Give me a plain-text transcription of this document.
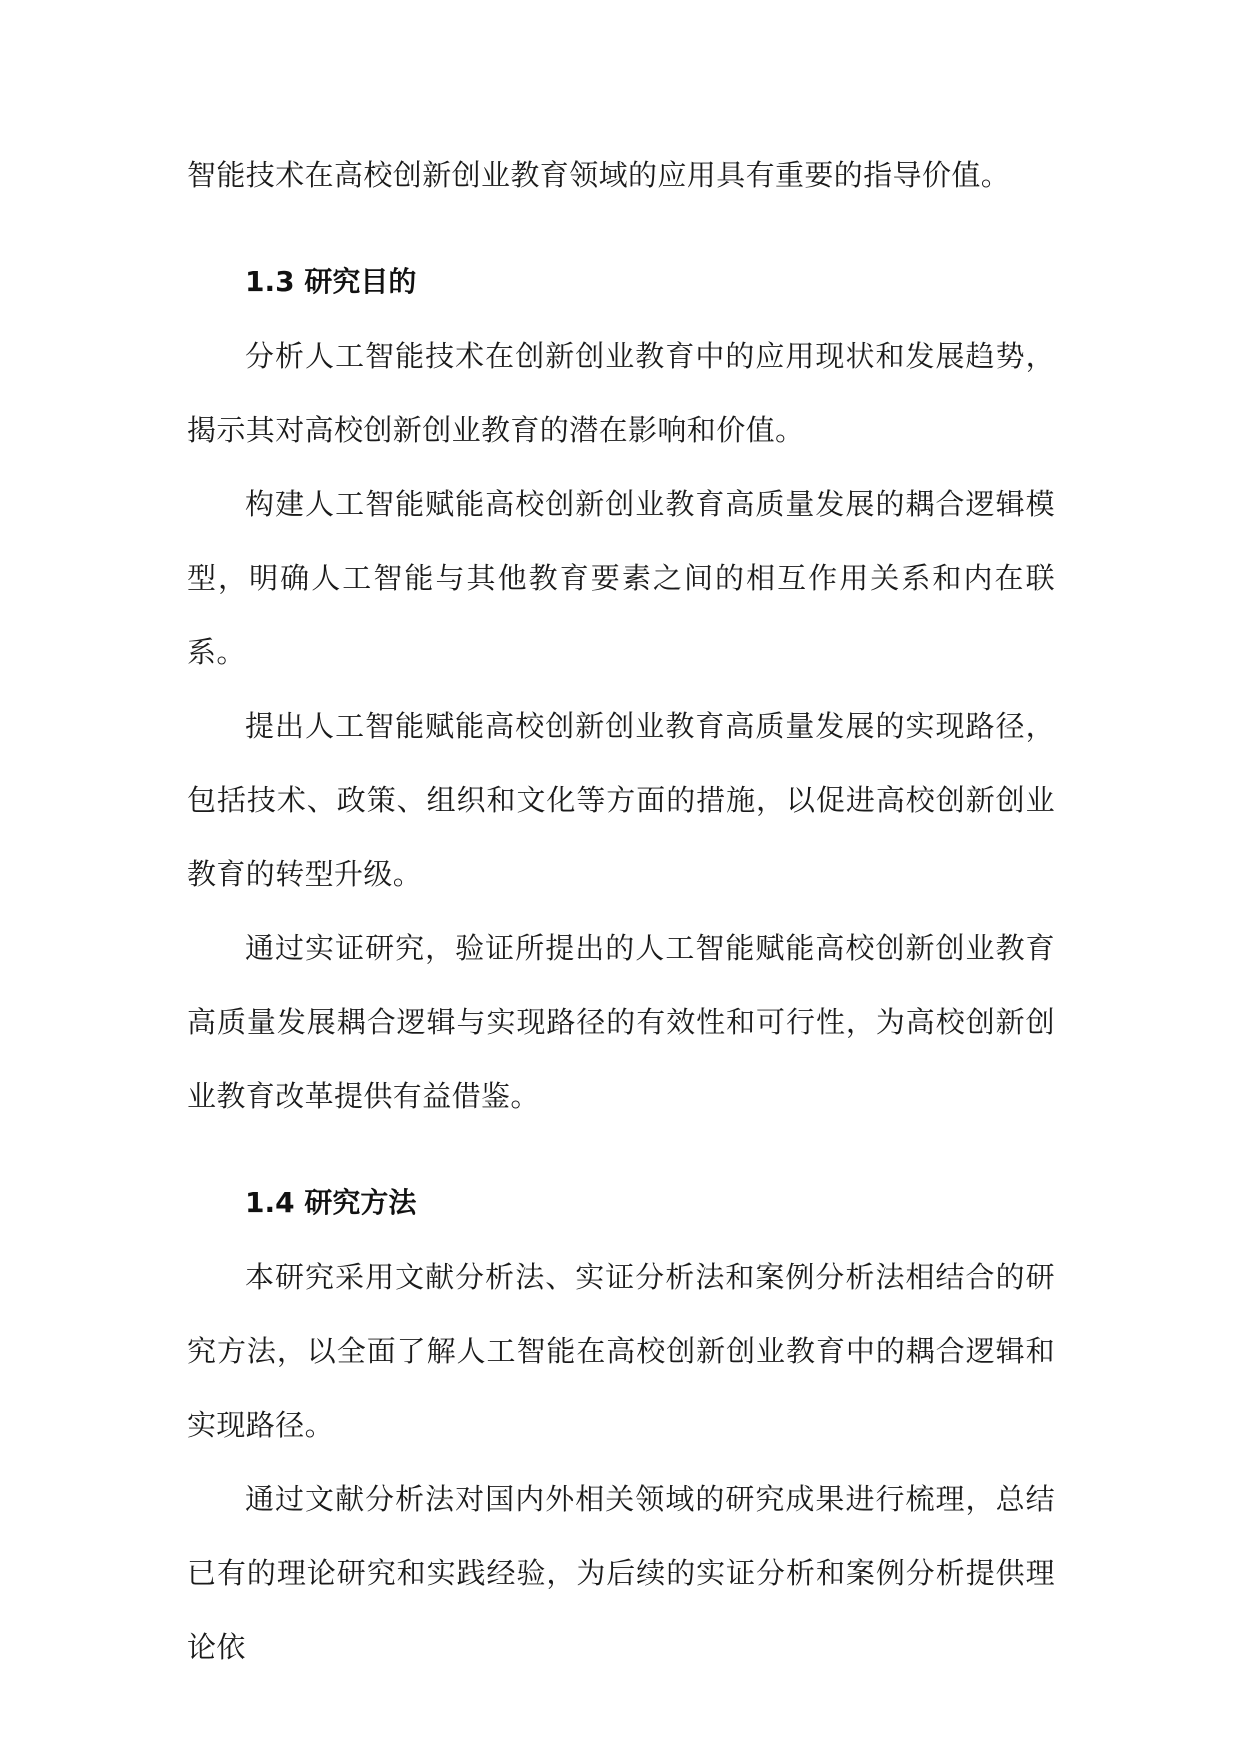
智能技术在高校创新创业教育领域的应用具有重要的指导价值。

1.3 研究目的

分析人工智能技术在创新创业教育中的应用现状和发展趋势，揭示其对高校创新创业教育的潜在影响和价值。

构建人工智能赋能高校创新创业教育高质量发展的耦合逻辑模型，明确人工智能与其他教育要素之间的相互作用关系和内在联系。

提出人工智能赋能高校创新创业教育高质量发展的实现路径，包括技术、政策、组织和文化等方面的措施，以促进高校创新创业教育的转型升级。

通过实证研究，验证所提出的人工智能赋能高校创新创业教育高质量发展耦合逻辑与实现路径的有效性和可行性，为高校创新创业教育改革提供有益借鉴。

1.4 研究方法

本研究采用文献分析法、实证分析法和案例分析法相结合的研究方法，以全面了解人工智能在高校创新创业教育中的耦合逻辑和实现路径。

通过文献分析法对国内外相关领域的研究成果进行梳理，总结已有的理论研究和实践经验，为后续的实证分析和案例分析提供理论依
